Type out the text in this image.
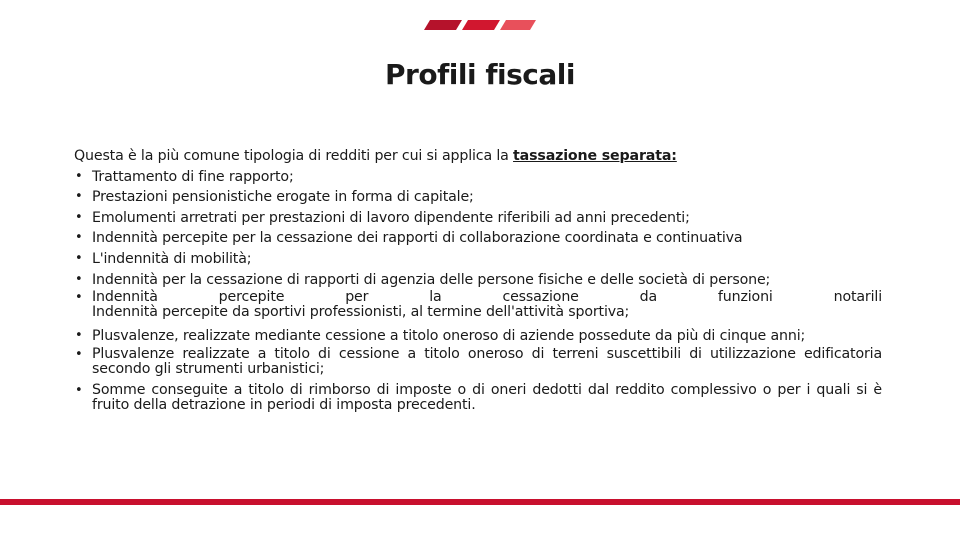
Profili fiscali

Questa è la più comune tipologia di redditi per cui si applica la tassazione separata:

• Trattamento di fine rapporto;
• Prestazioni pensionistiche erogate in forma di capitale;
• Emolumenti arretrati per prestazioni di lavoro dipendente riferibili ad anni precedenti;
• Indennità percepite per la cessazione dei rapporti di collaborazione coordinata e continuativa
• L'indennità di mobilità;
• Indennità per la cessazione di rapporti di agenzia delle persone fisiche e delle società di persone;
• Indennità percepite per la cessazione da funzioni notarili
Indennità percepite da sportivi professionisti, al termine dell'attività sportiva;
• Plusvalenze, realizzate mediante cessione a titolo oneroso di aziende possedute da più di cinque anni;
• Plusvalenze realizzate a titolo di cessione a titolo oneroso di terreni suscettibili di utilizzazione edificatoria secondo gli strumenti urbanistici;
• Somme conseguite a titolo di rimborso di imposte o di oneri dedotti dal reddito complessivo o per i quali si è fruito della detrazione in periodi di imposta precedenti.
